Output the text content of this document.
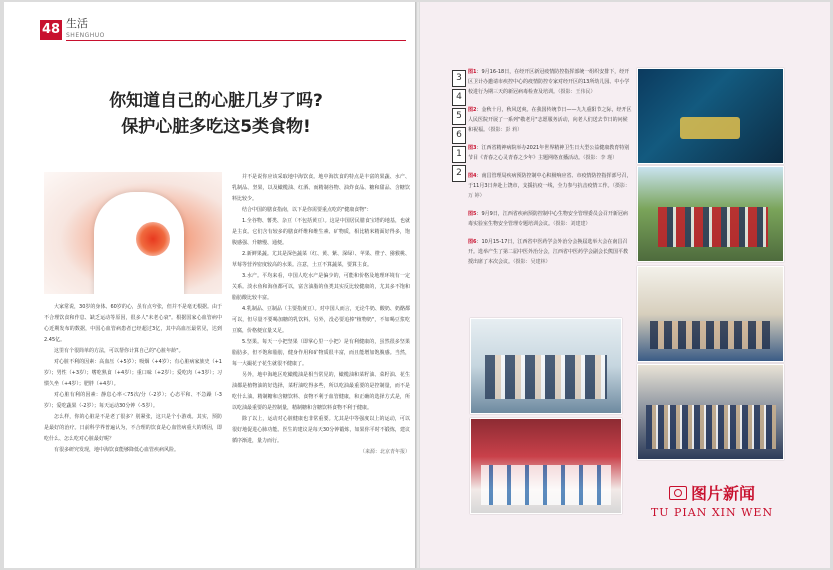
48 生活
SHENGHUO
你知道自己的心脏几岁了吗?
保护心脏多吃这5类食物!

大家常说，30岁的身体、60岁的心，虽有点夸张，但并不是毫无根据。由于不合理饮食和作息、缺乏运动等原因，很多人"未老心衰"。根据国家心血管病中心近期发布的数据，中国心血管病患者已经超过3亿，其中高血压最常见，达到2.45亿。

这里有个很简单的方法，可以帮你计算自己的"心脏年龄"。

对心脏不利的因素：高血压（+5岁）；吸烟（+4岁）；有心脏病家族史（+1岁）；男性（+3岁）；嗜吃熟食（+4岁）；重口味（+2岁）；爱吃肉（+3岁）；习惯久坐（+4岁）；肥胖（+4岁）。

对心脏有利的因素：静息心率＜75次/分（-2岁）；心态平和、不急躁（-3岁）；爱吃蔬果（-2岁）；每天运动30分钟（-5岁）。

怎么样，你的心脏是不是老了很多？别紧张，这只是个小游戏。其实，预防是最好的治疗。日前科学界普遍认为，不合理的饮食是心血管病重大的诱因，即吃什么、怎么吃对心脏最好呢？

有很多研究发现，地中海饮食能够降低心血管疾病风险。

并不是说你应该采取地中海饮食。地中海饮食的特点是丰富的果蔬、水产、乳制品、坚果，以及橄榄油、红酒、而精制谷物、油炸食品、糖和甜品、含糖饮料比较少。

结合中国的膳食指南，以下是你需要重点吃的"健康食物"：

1.全谷物、薯类、杂豆（不包括黄豆）。这是中国居民膳食宝塔的地基，也就是主食。它们含有较多的膳食纤维和维生素、矿物质，相比精米精面好得多，饱腹感强、升糖慢、通便。

2.新鲜果蔬。尤其是深色蔬菜（红、黄、紫、深绿）、苹果、橙子、猕猴桃、草莓等营养密度较高的水果。注意，土豆不算蔬菜，要算主食。

3.水产。平均来看，中国人吃水产是偏少的，可能和价格及地理环境有一定关系。淡水鱼和海鱼都可以，富含油脂的鱼类其实反比较健康的，尤其多不饱和脂肪酸比较丰富。

4.乳制品、豆制品（主要指黄豆）。对中国人而言，无论牛奶、酸奶、奶酪都可以，但尽量不要喝加糖的乳饮料。另外，没必要追捧"植物奶"，不如喝豆浆吃豆腐，价格便宜量又足。

5.坚果。每天一小把坚果（即掌心里一小把）是有利健康的，虽然很多坚果脂肪多，但不饱和脂肪，健身作用和矿物质很丰富，而且能增加饱腹感。当然，每一大撮花子花生就很不健康了。

另外，地中海地区吃橄榄油是相当常见的，橄榄油和菜籽油、菜籽油、花生油都是植物油的好选择，菜籽油吃得多些，所以吃油最重要的是控制量，而不是吃什么油。精制糖和含糖饮料、食物不利于血管健康，和正确的选择方式是，所以吃油最重要的是控制量，精制糖和含糖饮料食物不利于健康。

除了以上，运动对心脏健康也非常重要。尤其是中等强度以上的运动，可以很好地促进心肺功能。医生的建议是每天30分钟锻炼，如果你平时不锻炼，建议循序渐进，量力而行。

（来源：北京青年报）
3
4
5
6
1
2
图1：9月16-18日，在经开区新冠疫情防控指挥部统一组织安排下，经开区卫计办邀请市疾控中心的疫情防控专家对经开区的13所幼儿园、中小学校进行为期三天的新冠病毒检查及培训。（摄影：王伟民）
图2：金秋十月，秋风送爽。在我国传统节日——九九重阳节之际，经开区人民医院开展了一系列"敬老月"志愿服务活动，向老人们送去节日的问候和祝福。（摄影：彭 莉）
图3：江西省精神病院举办2021年世界精神卫生日大型公益健康教育特别节目《青春之心灵青春之少年》主题网络直播活动。（摄影：李 瑾）
图4：南昌管理局疾病预防控制中心积极响应省、市疫情防控指挥部号召，于11月3日奔赴上饶市，支援抗疫一线，全力参与抗击疫情工作。（摄影：万 婷）
图5：9月9日，江西省疾病预防控制中心生物安全管理委员会召开新冠病毒实验室生物安全管理专题培训会议。（摄影：刘建建）
图6：10月15-17日，江西省中医药学会外治分会换届选举大会在南昌召开。选举产生了第二届中医外治分会，江西省中医药学会副会长熊国平教授出席了本次会议。（摄影：吴建林）
图片新闻
TU PIAN XIN WEN
